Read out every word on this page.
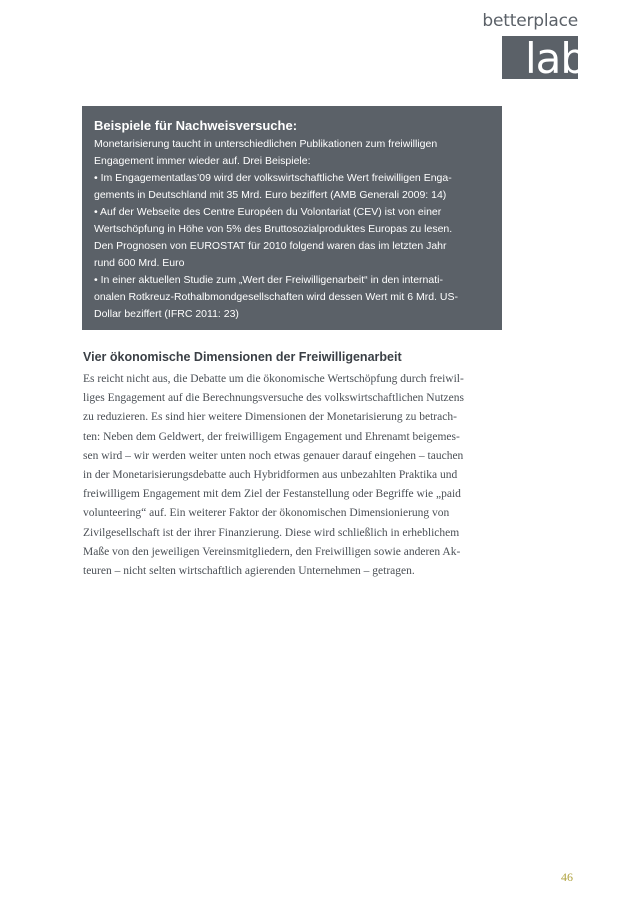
betterplace
lab
Beispiele für Nachweisversuche:
Monetarisierung taucht in unterschiedlichen Publikationen zum freiwilligen
Engagement immer wieder auf. Drei Beispiele:
• Im Engagementatlas’09 wird der volkswirtschaftliche Wert freiwilligen Enga-
gements in Deutschland mit 35 Mrd. Euro beziffert (AMB Generali 2009: 14)
• Auf der Webseite des Centre Européen du Volontariat (CEV) ist von einer
Wertschöpfung in Höhe von 5% des Bruttosozialproduktes Europas zu lesen.
Den Prognosen von EUROSTAT für 2010 folgend waren das im letzten Jahr
rund 600 Mrd. Euro
• In einer aktuellen Studie zum „Wert der Freiwilligenarbeit“ in den internati-
onalen Rotkreuz-Rothalbmondgesellschaften wird dessen Wert mit 6 Mrd. US-
Dollar beziffert (IFRC 2011: 23)
Vier ökonomische Dimensionen der Freiwilligenarbeit
Es reicht nicht aus, die Debatte um die ökonomische Wertschöpfung durch freiwil-
liges Engagement auf die Berechnungsversuche des volkswirtschaftlichen Nutzens
zu reduzieren. Es sind hier weitere Dimensionen der Monetarisierung zu betrach-
ten: Neben dem Geldwert, der freiwilligem Engagement und Ehrenamt beigemes-
sen wird – wir werden weiter unten noch etwas genauer darauf eingehen – tauchen
in der Monetarisierungsdebatte auch Hybridformen aus unbezahlten Praktika und
freiwilligem Engagement mit dem Ziel der Festanstellung oder Begriffe wie „paid
volunteering“ auf. Ein weiterer Faktor der ökonomischen Dimensionierung von
Zivilgesellschaft ist der ihrer Finanzierung. Diese wird schließlich in erheblichem
Maße von den jeweiligen Vereinsmitgliedern, den Freiwilligen sowie anderen Ak-
teuren – nicht selten wirtschaftlich agierenden Unternehmen – getragen.
46
